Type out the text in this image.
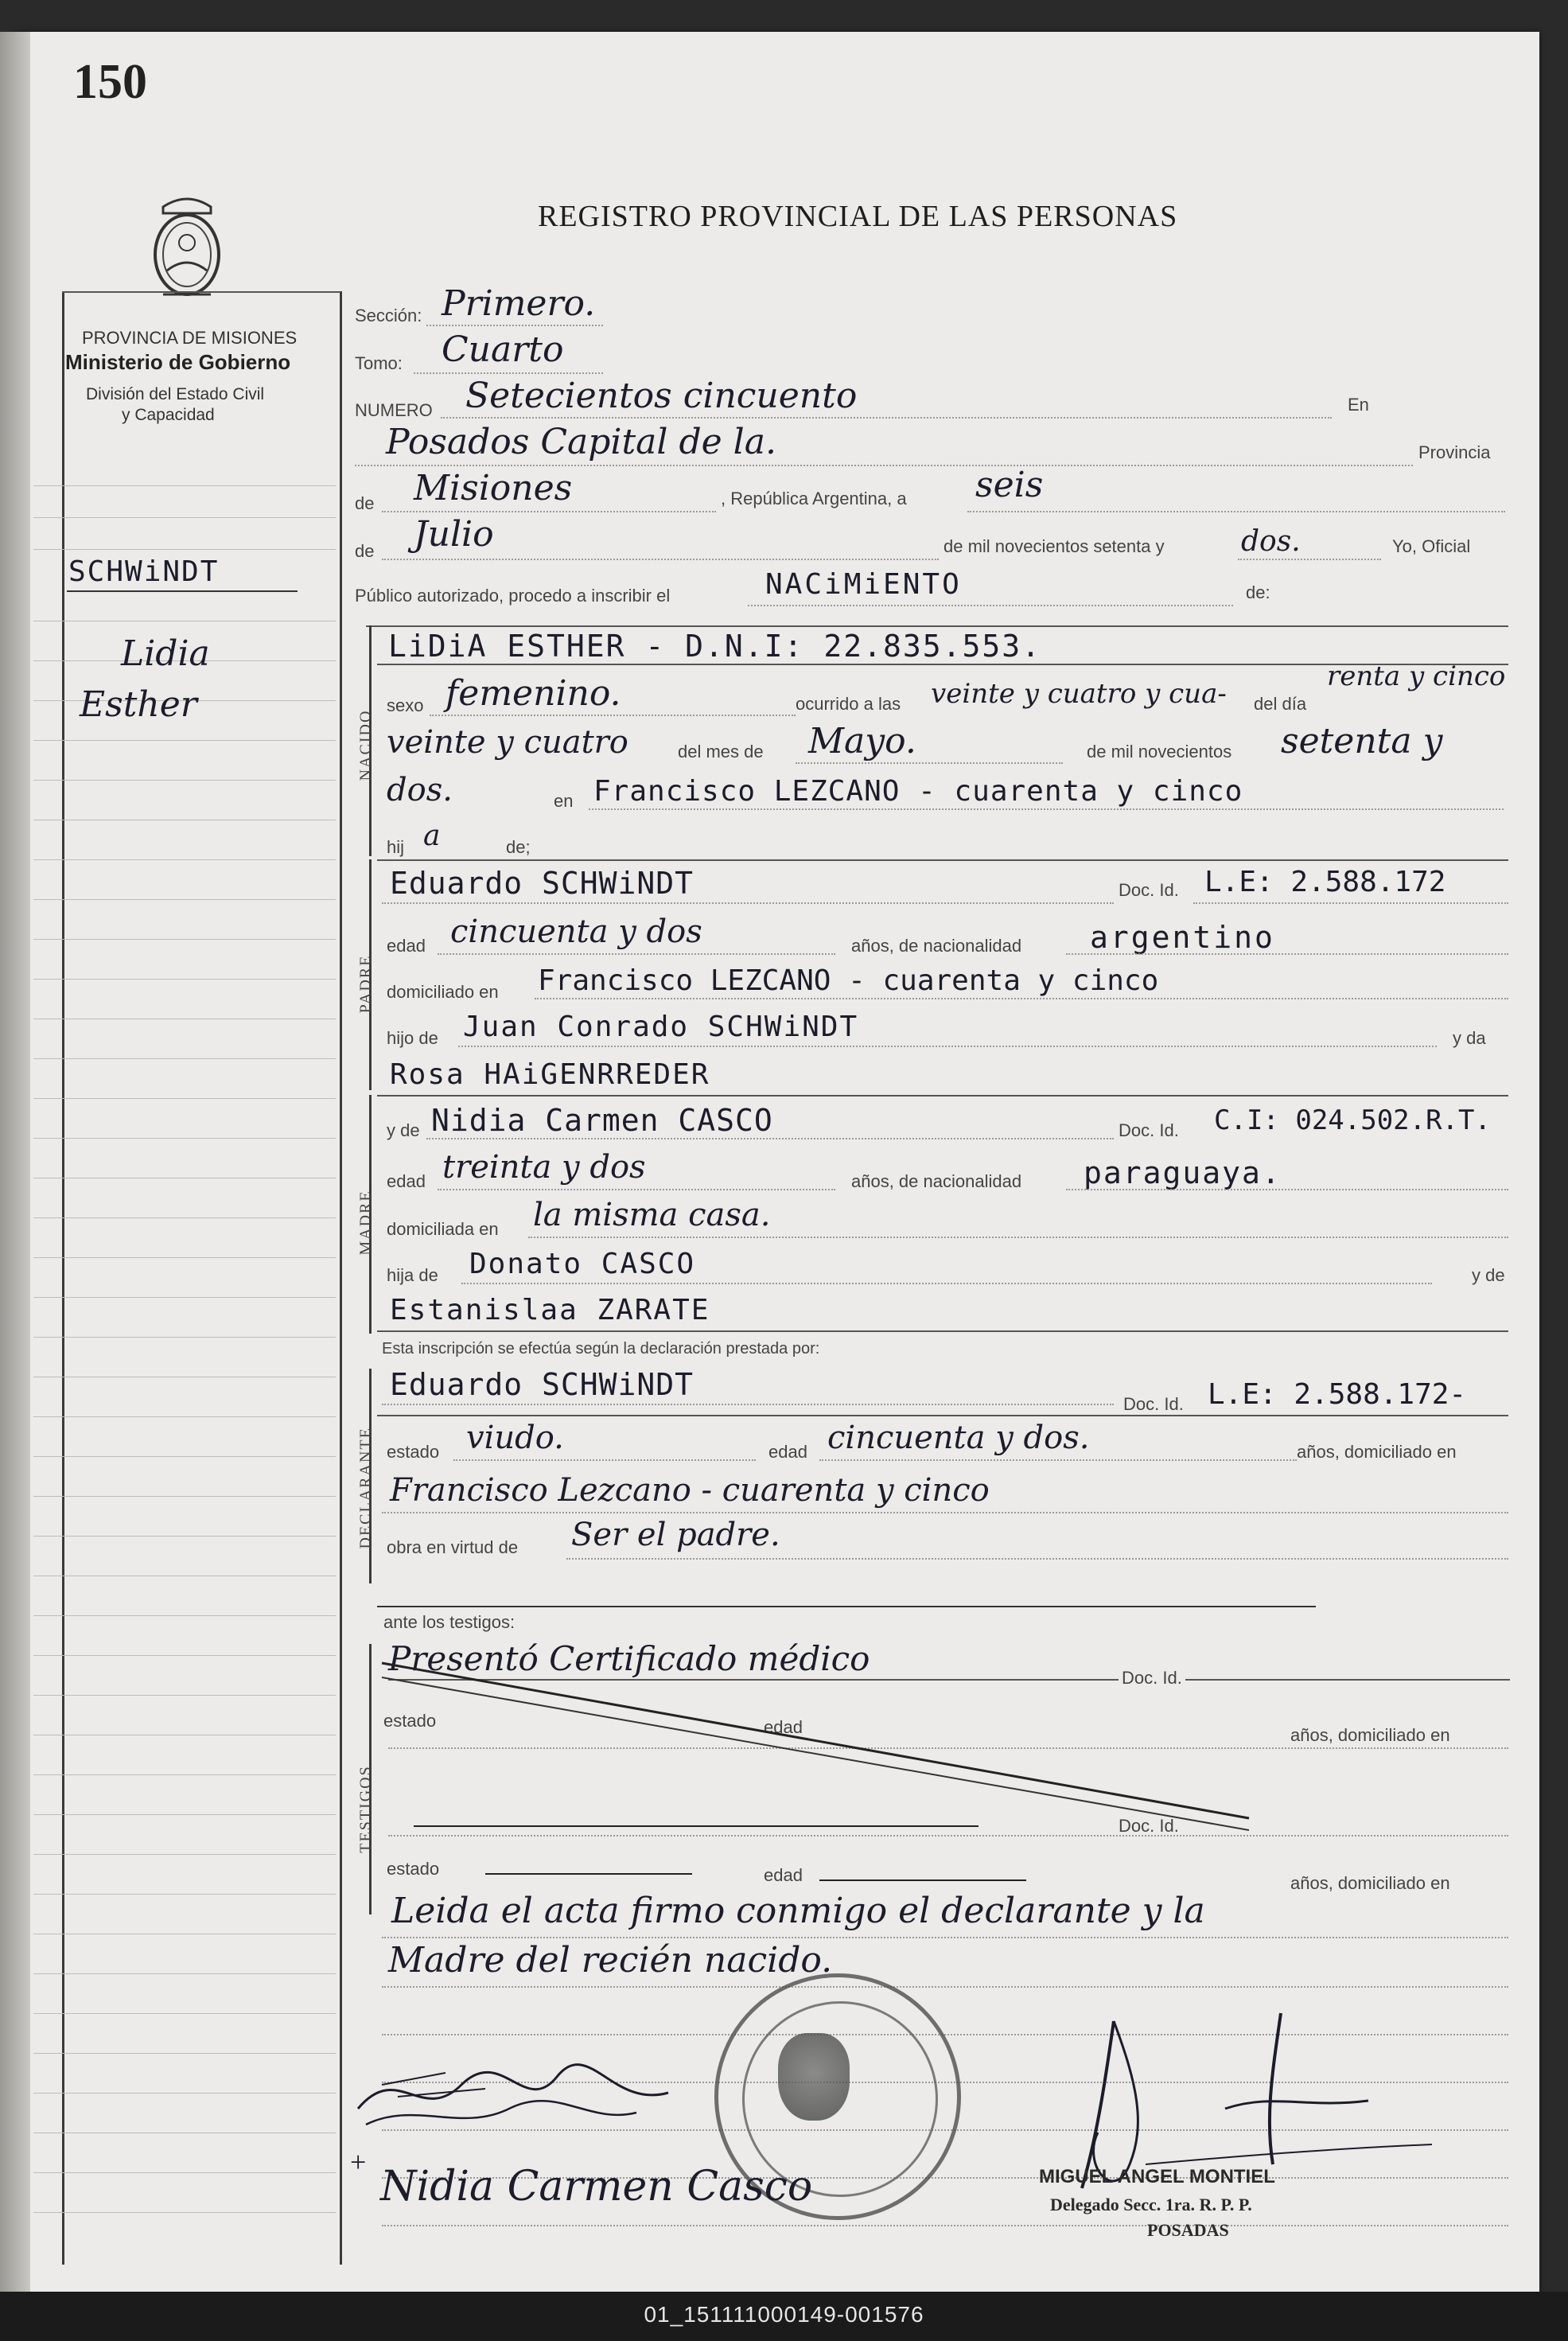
150
REGISTRO PROVINCIAL DE LAS PERSONAS
PROVINCIA DE MISIONES
Ministerio de Gobierno
División del Estado Civil
y Capacidad
SCHWiNDT
Lidia
Esther
Sección: Primero.
Tomo: Cuarto
NUMERO Setecientos cincuento	En
Posados Capital de la.	Provincia
de Misiones	, República Argentina, a seis
de Julio	de mil novecientos setenta y	dos.	Yo, Oficial
Público autorizado, procedo a inscribir el	NACiMiENTO	de:
NACIDO
LiDiA ESTHER - D.N.I: 22.835.553.
sexo femenino.	ocurrido a las veinte y cuatro y cua-
renta y cinco
del día
veinte y cuatro	del mes de Mayo.	de mil novecientos setenta y
dos.	en Francisco LEZCANO - cuarenta y cinco
hij a	de;
PADRE
Eduardo SCHWiNDT	Doc. Id. L.E: 2.588.172
edad cincuenta y dos	años, de nacionalidad argentino
domiciliado en Francisco LEZCANO - cuarenta y cinco
hijo de Juan Conrado SCHWiNDT	y da
Rosa HAiGENRREDER
MADRE
y de Nidia Carmen CASCO	Doc. Id. C.I: 024.502.R.T.
edad treinta y dos	años, de nacionalidad paraguaya.
domiciliada en la misma casa.
hija de Donato CASCO	y de
Estanislaa ZARATE
Esta inscripción se efectúa según la declaración prestada por:
DECLARANTE
Eduardo SCHWiNDT
Doc. Id. L.E: 2.588.172-
estado viudo.	edad cincuenta y dos.	años, domiciliado en
Francisco Lezcano - cuarenta y cinco
obra en virtud de Ser el padre.
ante los testigos:
TESTIGOS
Presentó Certificado médico	Doc. Id.
estado	edad	años, domiciliado en
Doc. Id.
estado	edad	años, domiciliado en
Leida el acta firmo conmigo el declarante y la
Madre del recién nacido.
+
Nidia Carmen Casco	MIGUEL ANGEL MONTIEL
Delegado Secc. 1ra. R. P. P.
POSADAS
01_151111000149-001576
